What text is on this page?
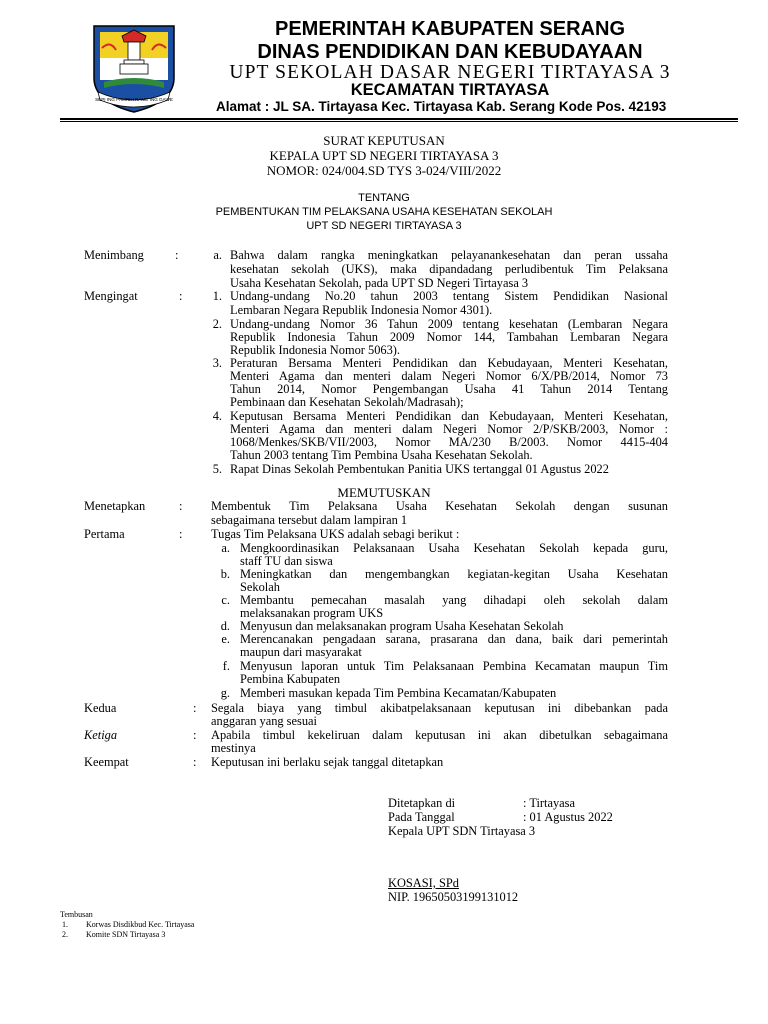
SEPI ING PAMRIH RAME ING GAWE
PEMERINTAH KABUPATEN SERANG
DINAS PENDIDIKAN DAN KEBUDAYAAN
UPT SEKOLAH DASAR NEGERI TIRTAYASA 3
KECAMATAN TIRTAYASA
Alamat : JL SA. Tirtayasa Kec. Tirtayasa Kab. Serang Kode Pos. 42193
SURAT KEPUTUSAN
KEPALA UPT SD NEGERI TIRTAYASA 3
NOMOR: 024/004.SD TYS 3-024/VIII/2022
TENTANG
PEMBENTUKAN TIM PELAKSANA USAHA KESEHATAN SEKOLAH
UPT SD NEGERI TIRTAYASA 3
Menimbang	:	a. Bahwa dalam rangka meningkatkan pelayanankesehatan dan peran ussaha
kesehatan sekolah (UKS), maka dipandadang perludibentuk Tim Pelaksana
Usaha Kesehatan Sekolah, pada UPT SD Negeri Tirtayasa 3
Mengingat	:	1. Undang-undang No.20 tahun 2003 tentang Sistem Pendidikan Nasional
Lembaran Negara Republik Indonesia Nomor 4301).
2. Undang-undang Nomor 36 Tahun 2009 tentang kesehatan (Lembaran Negara
Republik Indonesia Tahun 2009 Nomor 144, Tambahan Lembaran Negara
Republik Indonesia Nomor 5063).
3. Peraturan Bersama Menteri Pendidikan dan Kebudayaan, Menteri Kesehatan,
Menteri Agama dan menteri dalam Negeri Nomor 6/X/PB/2014, Nomor 73
Tahun 2014, Nomor Pengembangan Usaha 41 Tahun 2014 Tentang
Pembinaan dan Kesehatan Sekolah/Madrasah);
4. Keputusan Bersama Menteri Pendidikan dan Kebudayaan, Menteri Kesehatan,
Menteri Agama dan menteri dalam Negeri Nomor 2/P/SKB/2003, Nomor :
1068/Menkes/SKB/VII/2003, Nomor MA/230 B/2003. Nomor 4415-404
Tahun 2003 tentang Tim Pembina Usaha Kesehatan Sekolah.
5. Rapat Dinas Sekolah Pembentukan Panitia UKS tertanggal 01 Agustus 2022
MEMUTUSKAN
Menetapkan	: Membentuk Tim Pelaksana Usaha Kesehatan Sekolah dengan susunan
sebagaimana tersebut dalam lampiran 1
Pertama	: Tugas Tim Pelaksana UKS adalah sebagi berikut :
a. Mengkoordinasikan Pelaksanaan Usaha Kesehatan Sekolah kepada guru,
staff TU dan siswa
b. Meningkatkan dan mengembangkan kegiatan-kegitan Usaha Kesehatan
Sekolah
c. Membantu pemecahan masalah yang dihadapi oleh sekolah dalam
melaksanakan program UKS
d. Menyusun dan melaksanakan program Usaha Kesehatan Sekolah
e. Merencanakan pengadaan sarana, prasarana dan dana, baik dari pemerintah
maupun dari masyarakat
f. Menyusun laporan untuk Tim Pelaksanaan Pembina Kecamatan maupun Tim
Pembina Kabupaten
g. Memberi masukan kepada Tim Pembina Kecamatan/Kabupaten
Kedua	: Segala biaya yang timbul akibatpelaksanaan keputusan ini dibebankan pada
anggaran yang sesuai
Ketiga	: Apabila timbul kekeliruan dalam keputusan ini akan dibetulkan sebagaimana
mestinya
Keempat	: Keputusan ini berlaku sejak tanggal ditetapkan
Ditetapkan di	: Tirtayasa
Pada Tanggal	: 01 Agustus 2022
Kepala UPT SDN Tirtayasa 3
KOSASI, SPd
NIP. 19650503199131012
Tembusan
1. Korwas Disdikbud Kec. Tirtayasa
2. Komite SDN Tirtayasa 3
